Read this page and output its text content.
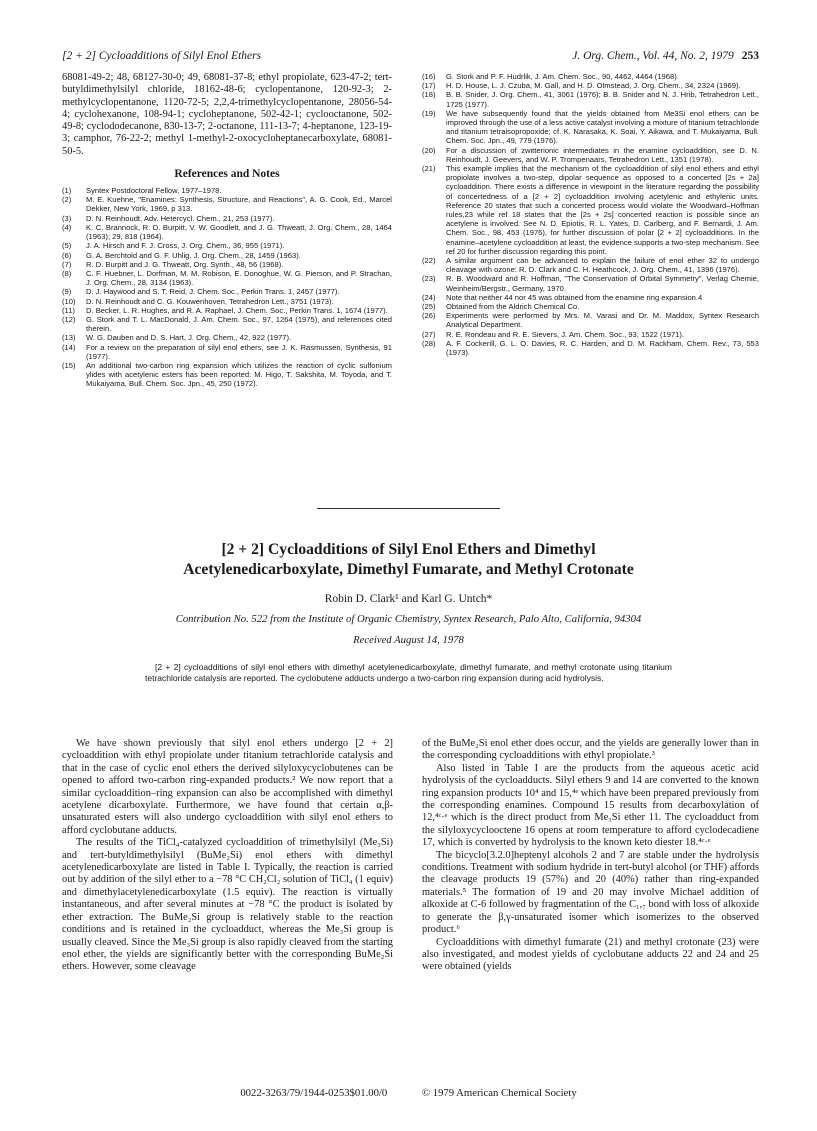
[2 + 2] Cycloadditions of Silyl Enol Ethers	J. Org. Chem., Vol. 44, No. 2, 1979 253
68081-49-2; 48, 68127-30-0; 49, 68081-37-8; ethyl propiolate, 623-47-2; tert-butyldimethylsilyl chloride, 18162-48-6; cyclopentanone, 120-92-3; 2-methylcyclopentanone, 1120-72-5; 2,2,4-trimethylcyclopentanone, 28056-54-4; cyclohexanone, 108-94-1; cycloheptanone, 502-42-1; cyclooctanone, 502-49-8; cyclododecanone, 830-13-7; 2-octanone, 111-13-7; 4-heptanone, 123-19-3; camphor, 76-22-2; methyl 1-methyl-2-oxocycloheptanecarboxylate, 68081-50-5.
References and Notes
(1)	Syntex Postdoctoral Fellow, 1977–1978.
(2)	M. E. Kuehne, "Enamines: Synthesis, Structure, and Reactions", A. G. Cook, Ed., Marcel Dekker, New York, 1969, p 313.
(3)	D. N. Reinhoudt, Adv. Hetercycl. Chem., 21, 253 (1977).
(4)	K. C. Brannock, R. D. Burpitt, V. W. Goodlett, and J. G. Thweatt, J. Org. Chem., 28, 1464 (1963); 29, 818 (1964).
(5)	J. A. Hirsch and F. J. Cross, J. Org. Chem., 36, 955 (1971).
(6)	G. A. Berchtold and G. F. Uhlig, J. Org. Chem., 28, 1459 (1963).
(7)	R. D. Burpitt and J. G. Thweatt, Org. Synth., 48, 56 (1968).
(8)	C. F. Huebner, L. Dorfman, M. M. Robison, E. Donoghue, W. G. Pierson, and P. Strachan, J. Org. Chem., 28, 3134 (1963).
(9)	D. J. Haywood and S. T. Reid, J. Chem. Soc., Perkin Trans. 1, 2457 (1977).
(10)	D. N. Reinhoudt and C. G. Kouwenhoven, Tetrahedron Lett., 3751 (1973).
(11)	D. Becker, L. R. Hughes, and R. A. Raphael, J. Chem. Soc., Perkin Trans. 1, 1674 (1977).
(12)	G. Stork and T. L. MacDonald, J. Am. Chem. Soc., 97, 1264 (1975), and references cited therein.
(13)	W. G. Dauben and D. S. Hart, J. Org. Chem., 42, 922 (1977).
(14)	For a review on the preparation of silyl enol ethers, see J. K. Rasmussen, Synthesis, 91 (1977).
(15)	An additional two-carbon ring expansion which utilizes the reaction of cyclic sulfonium ylides with acetylenic esters has been reported: M. Higo, T. Sakshita, M. Toyoda, and T. Mukaiyama, Bull. Chem. Soc. Jpn., 45, 250 (1972).
(16)	G. Stork and P. F. Hudrlik, J. Am. Chem. Soc., 90, 4462, 4464 (1968).
(17)	H. D. House, L. J. Czuba, M. Gall, and H. D. Olmstead, J. Org. Chem., 34, 2324 (1969).
(18)	B. B. Snider, J. Org. Chem., 41, 3061 (1976); B. B. Snider and N. J. Hrib, Tetrahedron Lett., 1725 (1977).
(19)	We have subsequently found that the yields obtained from Me3Si enol ethers can be improved through the use of a less active catalyst involving a mixture of titanium tetrachloride and titanium tetraisopropoxide; cf. K. Narasaka, K. Soai, Y. Aikawa, and T. Mukaiyama, Bull. Chem. Soc. Jpn., 49, 779 (1976).
(20)	For a discussion of zwitterionic intermediates in the enamine cycloaddition, see D. N. Reinhoudt, J. Geevers, and W. P. Trompenaars, Tetrahedron Lett., 1351 (1978).
(21)	This example implies that the mechanism of the cycloaddition of silyl enol ethers and ethyl propiolate involves a two-step, dipolar sequence as opposed to a concerted [2s + 2a] cycloaddition. There exists a difference in viewpoint in the literature regarding the possibility of concertedness of a [2 + 2] cycloaddition involving acetylenic and ethylenic units. Reference 20 states that such a concerted process would violate the Woodward–Hoffman rules,23 while ref 18 states that the [2s + 2s] concerted reaction is possible since an acetylene is involved. See N. D. Epiotis, R. L. Yates, D. Carlberg, and F. Bernardi, J. Am. Chem. Soc., 98, 453 (1976), for further discussion of polar [2 + 2] cycloadditions. In the enamine–acetylene cycloaddition at least, the evidence supports a two-step mechanism. See ref 20 for further discussion regarding this point.
(22)	A similar argument can be advanced to explain the failure of enol ether 32 to undergo cleavage with ozone: R. D. Clark and C. H. Heathcock, J. Org. Chem., 41, 1396 (1976).
(23)	R. B. Woodward and R. Hoffman, "The Conservation of Orbital Symmetry", Verlag Chemie, Weinheim/Bergstr., Germany, 1970.
(24)	Note that neither 44 nor 45 was obtained from the enamine ring expansion.4
(25)	Obtained from the Aldrich Chemical Co.
(26)	Experiments were performed by Mrs. M. Varasi and Dr. M. Maddox, Syntex Research Analytical Department.
(27)	R. E. Rondeau and R. E. Sievers, J. Am. Chem. Soc., 93, 1522 (1971).
(28)	A. F. Cockerill, G. L. O. Davies, R. C. Harden, and D. M. Rackham, Chem. Rev., 73, 553 (1973).
[2 + 2] Cycloadditions of Silyl Enol Ethers and Dimethyl
Acetylenedicarboxylate, Dimethyl Fumarate, and Methyl Crotonate
Robin D. Clark¹ and Karl G. Untch*
Contribution No. 522 from the Institute of Organic Chemistry, Syntex Research, Palo Alto, California, 94304
Received August 14, 1978
[2 + 2] cycloadditions of silyl enol ethers with dimethyl acetylenedicarboxylate, dimethyl fumarate, and methyl crotonate using titanium tetrachloride catalysis are reported. The cyclobutene adducts undergo a two-carbon ring expansion during acid hydrolysis.

We have shown previously that silyl enol ethers undergo [2 + 2] cycloaddition with ethyl propiolate under titanium tetrachloride catalysis and that in the case of cyclic enol ethers the derived silyloxycyclobutenes can be opened to afford two-carbon ring-expanded products.² We now report that a similar cycloaddition–ring expansion can also be accomplished with dimethyl acetylene dicarboxylate. Furthermore, we have found that certain α,β-unsaturated esters will also undergo cycloaddition with silyl enol ethers to afford cyclobutane adducts.

The results of the TiCl₄-catalyzed cycloaddition of trimethylsilyl (Me₃Si) and tert-butyldimethylsilyl (BuMe₂Si) enol ethers with dimethyl acetylenedicarboxylate are listed in Table I. Typically, the reaction is carried out by addition of the silyl ether to a −78 °C CH₂Cl₂ solution of TiCl₄ (1 equiv) and dimethylacetylenedicarboxylate (1.5 equiv). The reaction is virtually instantaneous, and after several minutes at −78 °C the product is isolated by ether extraction. The BuMe₂Si group is relatively stable to the reaction conditions and is retained in the cycloadduct, whereas the Me₃Si group is usually cleaved. Since the Me₃Si group is also rapidly cleaved from the starting enol ether, the yields are significantly better with the corresponding BuMe₂Si ethers. However, some cleavage

of the BuMe₂Si enol ether does occur, and the yields are generally lower than in the corresponding cycloadditions with ethyl propiolate.³

Also listed in Table I are the products from the aqueous acetic acid hydrolysis of the cycloadducts. Silyl ethers 9 and 14 are converted to the known ring expansion products 10⁴ and 15,⁴ᵉ which have been prepared previously from the corresponding enamines. Compound 15 results from decarboxylation of 12,⁴ᶜ·ᵉ which is the direct product from Me₃Si ether 11. The cycloadduct from the silyloxycyclooctene 16 opens at room temperature to afford cyclodecadiene 17, which is converted by hydrolysis to the known keto diester 18.⁴ᶜ·ᵉ

The bicyclo[3.2.0]heptenyl alcohols 2 and 7 are stable under the hydrolysis conditions. Treatment with sodium hydride in tert-butyl alcohol (or THF) affords the cleavage products 19 (57%) and 20 (40%) rather than ring-expanded materials.⁵ The formation of 19 and 20 may involve Michael addition of alkoxide at C-6 followed by fragmentation of the C₁,₇ bond with loss of alkoxide to generate the β,γ-unsaturated isomer which isomerizes to the observed product.⁶

Cycloadditions with dimethyl fumarate (21) and methyl crotonate (23) were also investigated, and modest yields of cyclobutane adducts 22 and 24 and 25 were obtained (yields

0022-3263/79/1944-0253$01.00/0	© 1979 American Chemical Society
